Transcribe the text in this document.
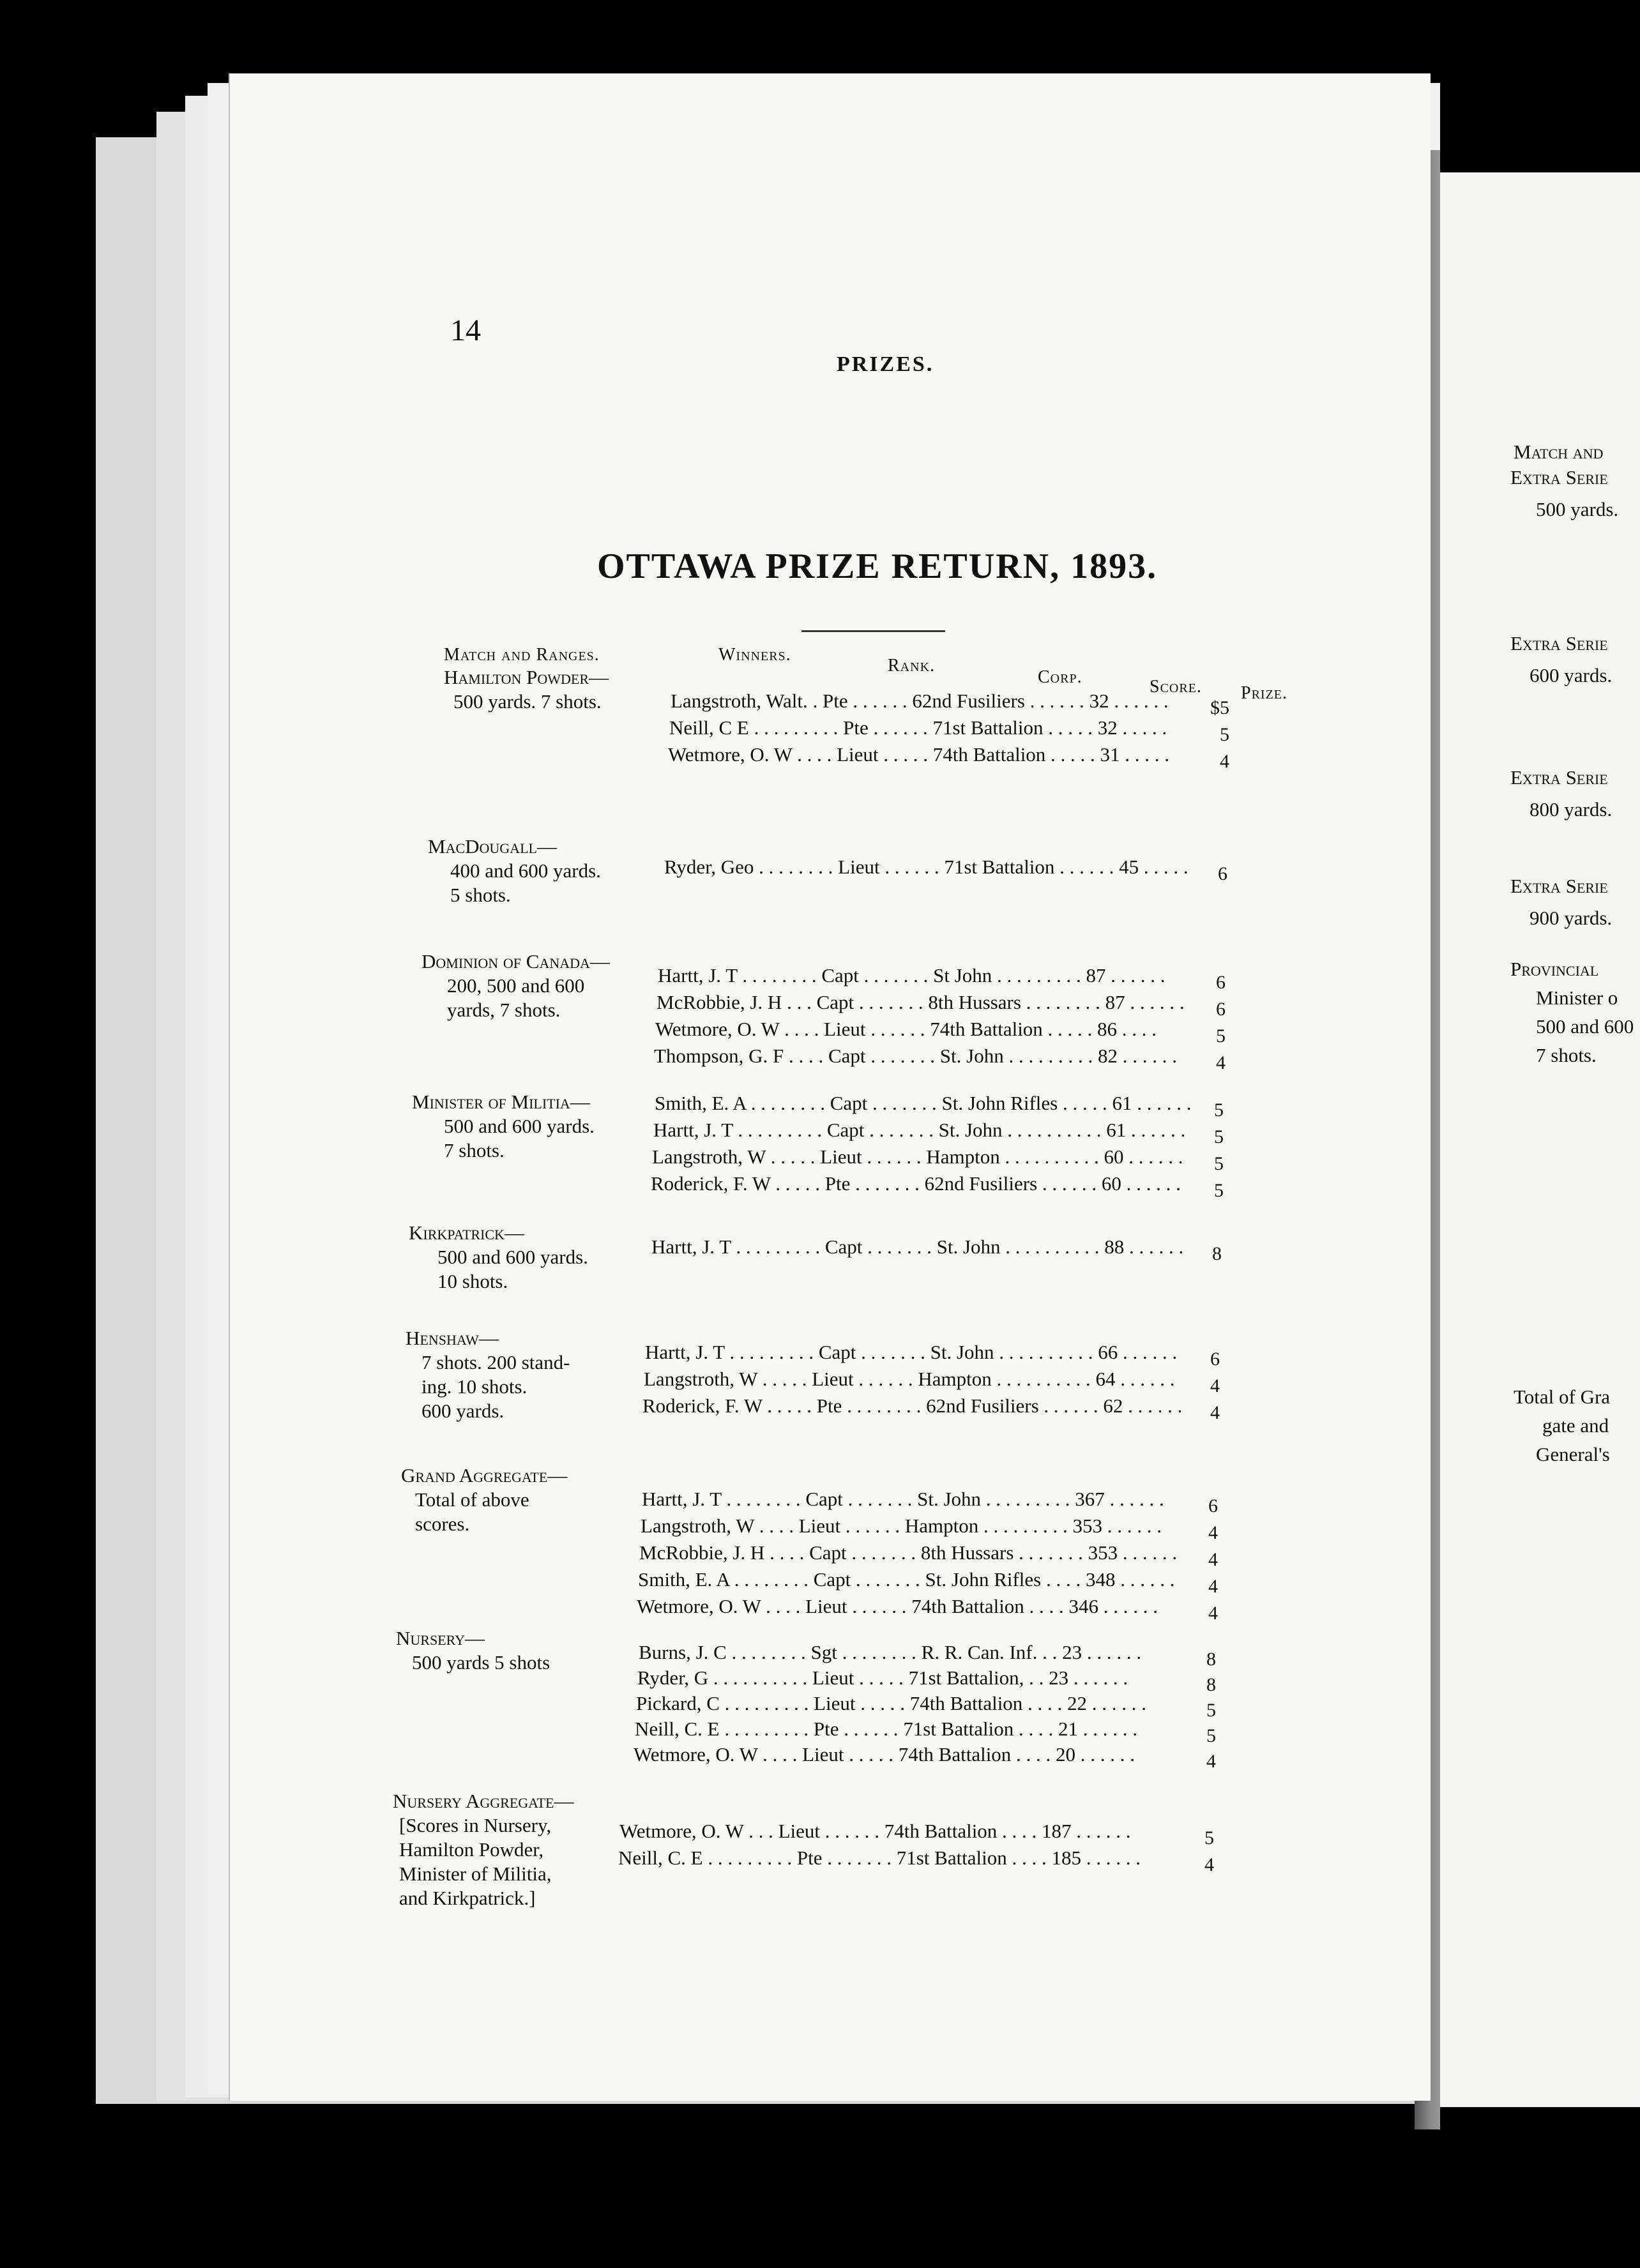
14
PRIZES.
OTTAWA PRIZE RETURN, 1893.
Match and Ranges.	Winners.
Rank.
Corp.	Score. Prize.
Hamilton Powder—
500 yards. 7 shots.	Langstroth, Walt. . Pte . . . . . . 62nd Fusiliers . . . . . . 32 . . . . . .	$5
Neill, C E . . . . . . . . . Pte . . . . . . 71st Battalion . . . . . 32 . . . . .	5
Wetmore, O. W . . . . Lieut . . . . . 74th Battalion . . . . . 31 . . . . .	4
MacDougall—
400 and 600 yards.
5 shots.
Ryder, Geo . . . . . . . . Lieut . . . . . . 71st Battalion . . . . . . 45 . . . . .	6
Dominion of Canada—
200, 500 and 600
yards, 7 shots.
Hartt, J. T . . . . . . . . Capt . . . . . . . St John . . . . . . . . . 87 . . . . . .	6
McRobbie, J. H . . . Capt . . . . . . . 8th Hussars . . . . . . . . 87 . . . . . .	6
Wetmore, O. W . . . . Lieut . . . . . . 74th Battalion . . . . . 86 . . . .	5
Thompson, G. F . . . . Capt . . . . . . . St. John . . . . . . . . . 82 . . . . . .	4
Minister of Militia—
500 and 600 yards.
7 shots.
Smith, E. A . . . . . . . . Capt . . . . . . . St. John Rifles . . . . . 61 . . . . . .	5
Hartt, J. T . . . . . . . . . Capt . . . . . . . St. John . . . . . . . . . . 61 . . . . . .	5
Langstroth, W . . . . . Lieut . . . . . . Hampton . . . . . . . . . . 60 . . . . . .	5
Roderick, F. W . . . . . Pte . . . . . . . 62nd Fusiliers . . . . . . 60 . . . . . .	5
Kirkpatrick—
500 and 600 yards.
10 shots.
Hartt, J. T . . . . . . . . . Capt . . . . . . . St. John . . . . . . . . . . 88 . . . . . .	8
Henshaw—
7 shots. 200 stand-
ing. 10 shots.
600 yards.
Hartt, J. T . . . . . . . . . Capt . . . . . . . St. John . . . . . . . . . . 66 . . . . . .	6
Langstroth, W . . . . . Lieut . . . . . . Hampton . . . . . . . . . . 64 . . . . . .	4
Roderick, F. W . . . . . Pte . . . . . . . . 62nd Fusiliers . . . . . . 62 . . . . . .	4
Grand Aggregate—
Total of above
scores.
Hartt, J. T . . . . . . . . Capt . . . . . . . St. John . . . . . . . . . 367 . . . . . .	6
Langstroth, W . . . . Lieut . . . . . . Hampton . . . . . . . . . 353 . . . . . .	4
McRobbie, J. H . . . . Capt . . . . . . . 8th Hussars . . . . . . . 353 . . . . . .	4
Smith, E. A . . . . . . . . Capt . . . . . . . St. John Rifles . . . . 348 . . . . . .	4
Wetmore, O. W . . . . Lieut . . . . . . 74th Battalion . . . . 346 . . . . . .	4
Nursery—
500 yards 5 shots	Burns, J. C . . . . . . . . Sgt . . . . . . . . R. R. Can. Inf. . . 23 . . . . . .	8
Ryder, G . . . . . . . . . . Lieut . . . . . 71st Battalion, . . 23 . . . . . .	8
Pickard, C . . . . . . . . . Lieut . . . . . 74th Battalion . . . . 22 . . . . . .	5
Neill, C. E . . . . . . . . . Pte . . . . . . 71st Battalion . . . . 21 . . . . . .	5
Wetmore, O. W . . . . Lieut . . . . . 74th Battalion . . . . 20 . . . . . .	4
Nursery Aggregate—
[Scores in Nursery,
Hamilton Powder,
Minister of Militia,
and Kirkpatrick.]
Wetmore, O. W . . . Lieut . . . . . . 74th Battalion . . . . 187 . . . . . .	5
Neill, C. E . . . . . . . . . Pte . . . . . . . 71st Battalion . . . . 185 . . . . . .	4
Match and
Extra Serie
500 yards.
Extra Serie
600 yards.
Extra Serie
800 yards.
Extra Serie
900 yards.
Provincial
Minister o
500 and 600
7 shots.
Total of Gra
gate and
General's
